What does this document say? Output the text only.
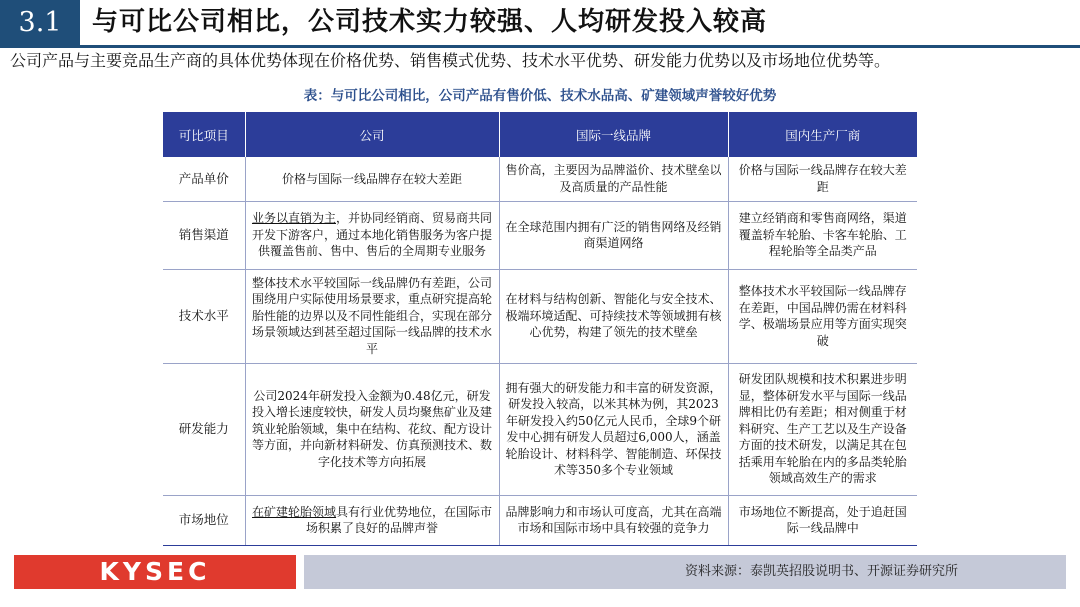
3.1	与可比公司相比，公司技术实力较强、人均研发投入较高
公司产品与主要竞品生产商的具体优势体现在价格优势、销售模式优势、技术水平优势、研发能力优势以及市场地位优势等。
表：与可比公司相比，公司产品有售价低、技术水品高、矿建领域声誉较好优势
可比项目	公司	国际一线品牌	国内生产厂商
产品单价	价格与国际一线品牌存在较大差距	售价高，主要因为品牌溢价、技术壁垒以及高质量的产品性能	价格与国际一线品牌存在较大差距
销售渠道	业务以直销为主，并协同经销商、贸易商共同开发下游客户，通过本地化销售服务为客户提供覆盖售前、售中、售后的全周期专业服务	在全球范围内拥有广泛的销售网络及经销商渠道网络	建立经销商和零售商网络，渠道覆盖轿车轮胎、卡客车轮胎、工程轮胎等全品类产品
技术水平	整体技术水平较国际一线品牌仍有差距，公司围绕用户实际使用场景要求，重点研究提高轮胎性能的边界以及不同性能组合，实现在部分场景领域达到甚至超过国际一线品牌的技术水平	在材料与结构创新、智能化与安全技术、极端环境适配、可持续技术等领域拥有核心优势，构建了领先的技术壁垒	整体技术水平较国际一线品牌存在差距，中国品牌仍需在材料科学、极端场景应用等方面实现突破
研发能力	公司2024年研发投入金额为0.48亿元，研发投入增长速度较快，研发人员均聚焦矿业及建筑业轮胎领域，集中在结构、花纹、配方设计等方面，并向新材料研发、仿真预测技术、数字化技术等方向拓展	拥有强大的研发能力和丰富的研发资源，研发投入较高，以米其林为例，其2023年研发投入约50亿元人民币，全球9个研发中心拥有研发人员超过6,000人，涵盖轮胎设计、材料科学、智能制造、环保技术等350多个专业领域	研发团队规模和技术积累进步明显，整体研发水平与国际一线品牌相比仍有差距；相对侧重于材料研究、生产工艺以及生产设备方面的技术研发，以满足其在包括乘用车轮胎在内的多品类轮胎领域高效生产的需求
市场地位	在矿建轮胎领域具有行业优势地位，在国际市场积累了良好的品牌声誉	品牌影响力和市场认可度高，尤其在高端市场和国际市场中具有较强的竞争力	市场地位不断提高，处于追赶国际一线品牌中
KYSEC	资料来源：泰凯英招股说明书、开源证券研究所
